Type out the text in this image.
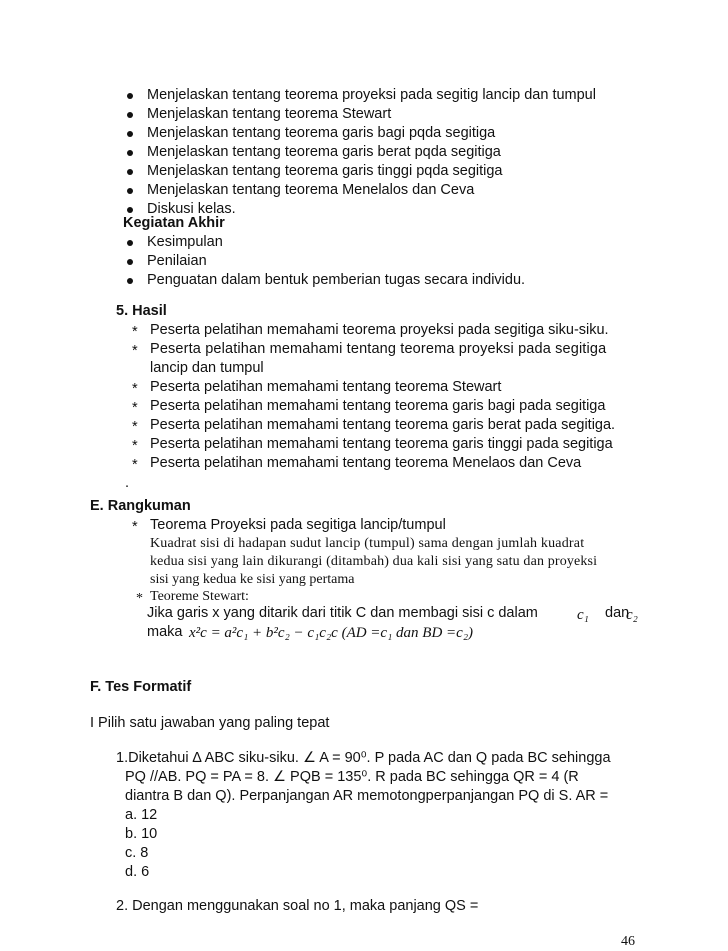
Menjelaskan tentang teorema proyeksi pada segitig lancip dan tumpul
Menjelaskan tentang teorema Stewart
Menjelaskan tentang teorema garis bagi pqda segitiga
Menjelaskan tentang teorema garis berat pqda segitiga
Menjelaskan tentang teorema garis tinggi pqda segitiga
Menjelaskan tentang teorema Menelalos dan Ceva
Diskusi kelas.
Kegiatan Akhir
Kesimpulan
Penilaian
Penguatan dalam bentuk pemberian tugas secara individu.
5. Hasil
* Peserta pelatihan memahami teorema proyeksi pada segitiga siku-siku.
* Peserta pelatihan memahami tentang teorema proyeksi pada segitiga
lancip dan tumpul
* Peserta pelatihan memahami tentang teorema Stewart
* Peserta pelatihan memahami tentang teorema garis bagi pada segitiga
* Peserta pelatihan memahami tentang teorema garis berat pada segitiga.
* Peserta pelatihan memahami tentang teorema garis tinggi pada segitiga
* Peserta pelatihan memahami tentang teorema Menelaos dan Ceva
.
E. Rangkuman
* Teorema Proyeksi pada segitiga lancip/tumpul
Kuadrat sisi di hadapan sudut lancip (tumpul) sama dengan jumlah kuadrat
kedua sisi yang lain dikurangi (ditambah) dua kali sisi yang satu dan proyeksi
sisi yang kedua ke sisi yang pertama
* Teoreme Stewart:
Jika garis x yang ditarik dari titik C dan membagi sisi c dalam	c₁ dan
c₂
maka x²c = a²c₁ + b²c₂ − c₁c₂c (AD =c₁ dan BD =c₂)
F. Tes Formatif
I Pilih satu jawaban yang paling tepat
1.Diketahui ∆ ABC siku-siku. ∠ A = 90⁰. P pada AC dan Q pada BC sehingga
PQ //AB. PQ = PA = 8. ∠ PQB = 135⁰. R pada BC sehingga QR = 4 (R
diantra B dan Q). Perpanjangan AR memotongperpanjangan PQ di S. AR =
a. 12
b. 10
c. 8
d. 6
2. Dengan menggunakan soal no 1, maka panjang QS =
46
